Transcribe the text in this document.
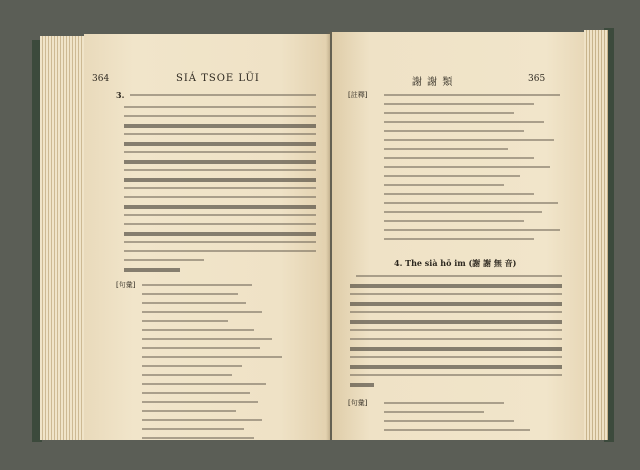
364	SIÁ TSOE LÜI
3.
[句彙]
謝 謝 類	365
[註釋]
4. The sià hō im (謝 謝 無 音)
[句彙]
